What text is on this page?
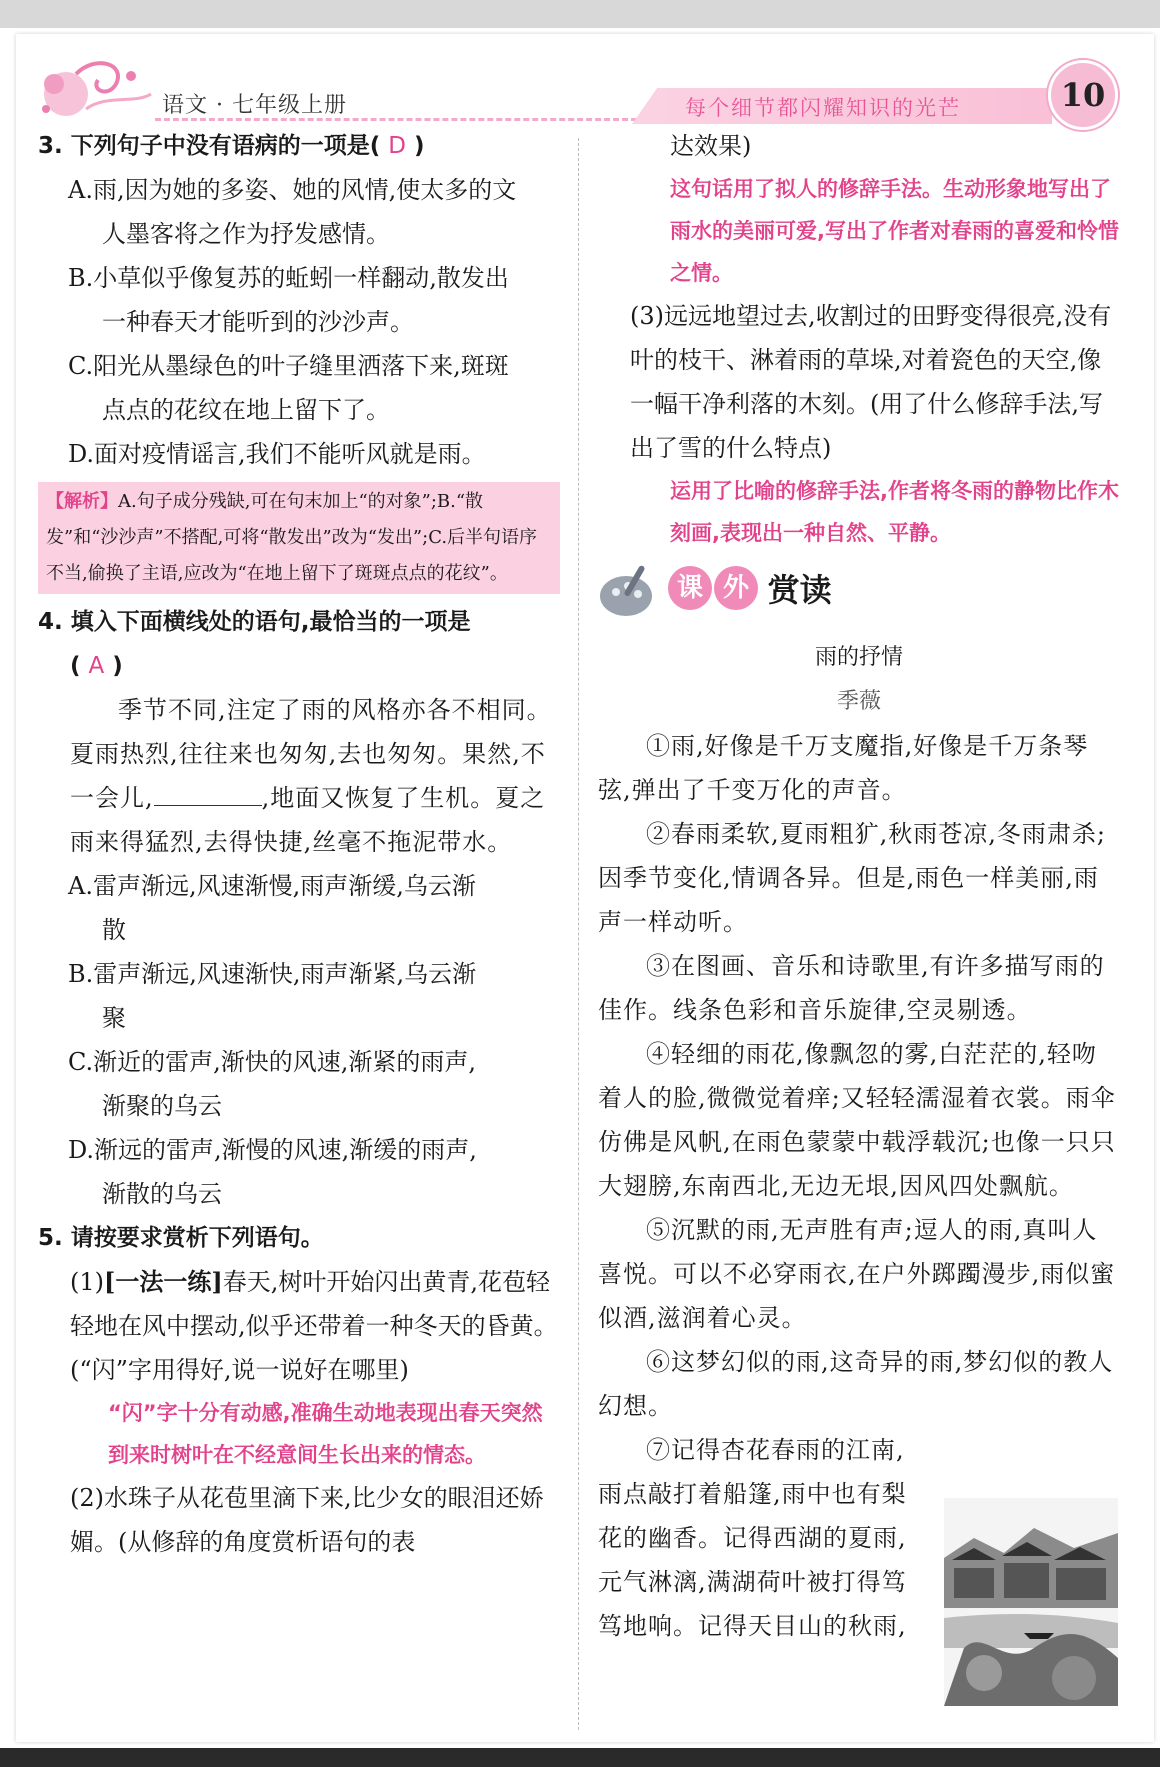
语文 · 七年级上册	每个细节都闪耀知识的光芒	10
3. 下列句子中没有语病的一项是( D )
A.雨,因为她的多姿、她的风情,使太多的文
人墨客将之作为抒发感情。
B.小草似乎像复苏的蚯蚓一样翻动,散发出
一种春天才能听到的沙沙声。
C.阳光从墨绿色的叶子缝里洒落下来,斑斑
点点的花纹在地上留下了。
D.面对疫情谣言,我们不能听风就是雨。
【解析】A.句子成分残缺,可在句末加上“的对象”;B.“散发”和“沙沙声”不搭配,可将“散发出”改为“发出”;C.后半句语序不当,偷换了主语,应改为“在地上留下了斑斑点点的花纹”。
4. 填入下面横线处的语句,最恰当的一项是
( A )
季节不同,注定了雨的风格亦各不相同。夏雨热烈,往往来也匆匆,去也匆匆。果然,不一会儿,	,地面又恢复了生机。夏之雨来得猛烈,去得快捷,丝毫不拖泥带水。
A.雷声渐远,风速渐慢,雨声渐缓,乌云渐
散
B.雷声渐远,风速渐快,雨声渐紧,乌云渐
聚
C.渐近的雷声,渐快的风速,渐紧的雨声,
渐聚的乌云
D.渐远的雷声,渐慢的风速,渐缓的雨声,
渐散的乌云
5. 请按要求赏析下列语句。
(1)[一法一练]春天,树叶开始闪出黄青,花苞轻轻地在风中摆动,似乎还带着一种冬天的昏黄。(“闪”字用得好,说一说好在哪里)
“闪”字十分有动感,准确生动地表现出春天突然到来时树叶在不经意间生长出来的情态。
(2)水珠子从花苞里滴下来,比少女的眼泪还娇媚。(从修辞的角度赏析语句的表
达效果)
这句话用了拟人的修辞手法。生动形象地写出了雨水的美丽可爱,写出了作者对春雨的喜爱和怜惜之情。
(3)远远地望过去,收割过的田野变得很亮,没有叶的枝干、淋着雨的草垛,对着瓷色的天空,像一幅干净利落的木刻。(用了什么修辞手法,写出了雪的什么特点)
运用了比喻的修辞手法,作者将冬雨的静物比作木刻画,表现出一种自然、平静。
课 外 赏读
雨的抒情
季薇

①雨,好像是千万支魔指,好像是千万条琴弦,弹出了千变万化的声音。

②春雨柔软,夏雨粗犷,秋雨苍凉,冬雨肃杀;因季节变化,情调各异。但是,雨色一样美丽,雨声一样动听。

③在图画、音乐和诗歌里,有许多描写雨的佳作。线条色彩和音乐旋律,空灵剔透。

④轻细的雨花,像飘忽的雾,白茫茫的,轻吻着人的脸,微微觉着痒;又轻轻濡湿着衣裳。雨伞仿佛是风帆,在雨色蒙蒙中载浮载沉;也像一只只大翅膀,东南西北,无边无垠,因风四处飘航。

⑤沉默的雨,无声胜有声;逗人的雨,真叫人喜悦。可以不必穿雨衣,在户外踯躅漫步,雨似蜜似酒,滋润着心灵。

⑥这梦幻似的雨,这奇异的雨,梦幻似的教人幻想。

⑦记得杏花春雨的江南,
雨点敲打着船篷,雨中也有梨
花的幽香。记得西湖的夏雨,
元气淋漓,满湖荷叶被打得笃
笃地响。记得天目山的秋雨,
